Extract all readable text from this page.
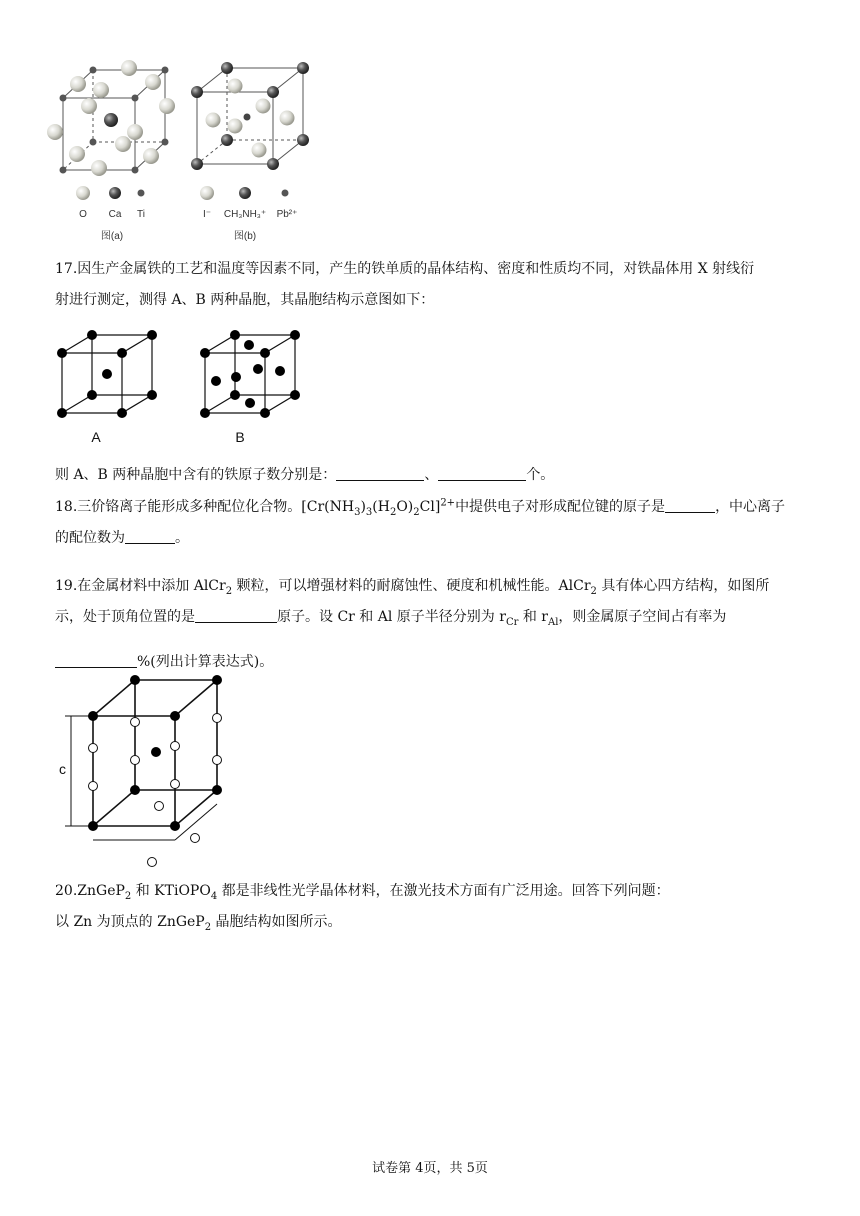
O Ca Ti
图(a)
I⁻ CH₃NH₃⁺ Pb²⁺
图(b)
17.因生产金属铁的工艺和温度等因素不同，产生的铁单质的晶体结构、密度和性质均不同，对铁晶体用 X 射线衍
射进行测定，测得 A、B 两种晶胞，其晶胞结构示意图如下：
A	B
则 A、B 两种晶胞中含有的铁原子数分别是：	、	个。
18.三价铬离子能形成多种配位化合物。$[Cr(NH_3)_3(H_2O)_2Cl]^{2+}$中提供电子对形成配位键的原子是	，中心离子
的配位数为	。
19.在金属材料中添加 AlCr$_2$ 颗粒，可以增强材料的耐腐蚀性、硬度和机械性能。AlCr$_2$ 具有体心四方结构，如图所
示，处于顶角位置的是	原子。设 Cr 和 Al 原子半径分别为 $r_{Cr}$ 和 $r_{Al}$，则金属原子空间占有率为
%(列出计算表达式)。
c
20.ZnGeP$_2$ 和 KTiOPO$_4$ 都是非线性光学晶体材料，在激光技术方面有广泛用途。回答下列问题：
以 Zn 为顶点的 ZnGeP$_2$ 晶胞结构如图所示。
试卷第 4页，共 5页
